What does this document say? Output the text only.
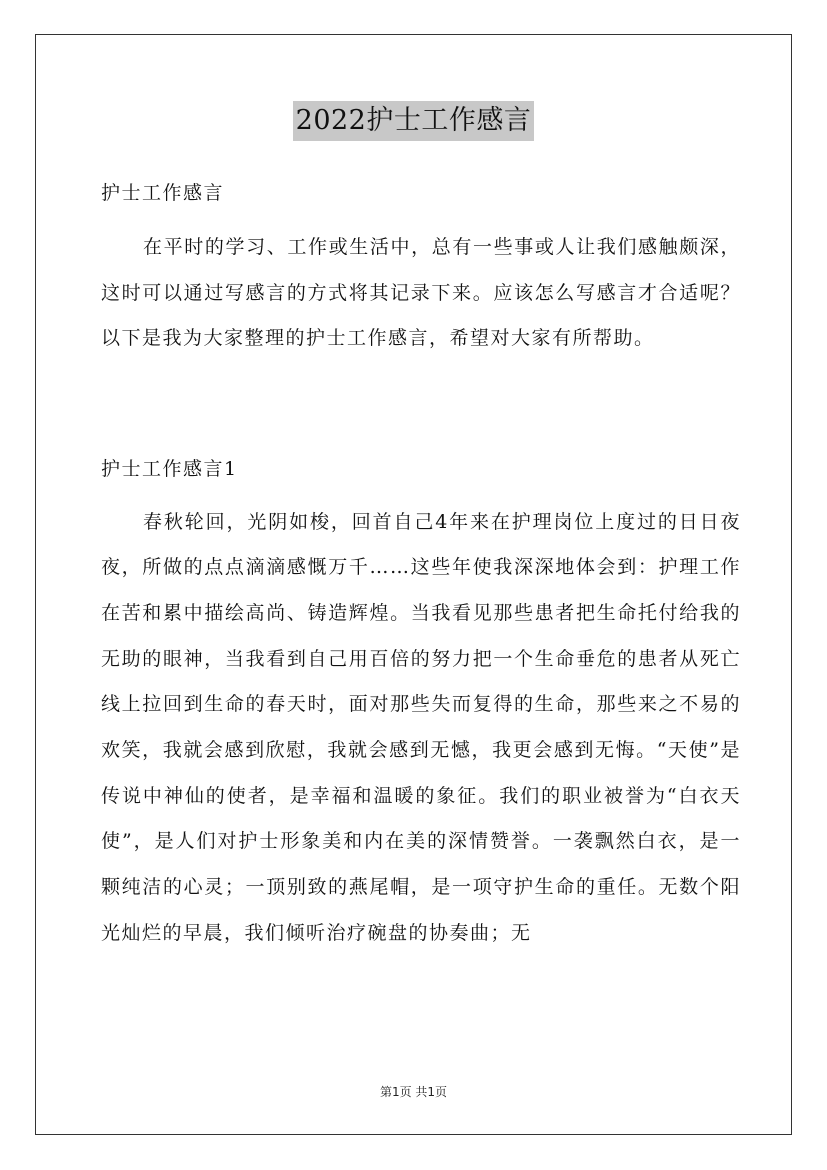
2022护士工作感言

护士工作感言

在平时的学习、工作或生活中，总有一些事或人让我们感触颇深，这时可以通过写感言的方式将其记录下来。应该怎么写感言才合适呢？以下是我为大家整理的护士工作感言，希望对大家有所帮助。

护士工作感言1

春秋轮回，光阴如梭，回首自己4年来在护理岗位上度过的日日夜夜，所做的点点滴滴感慨万千……这些年使我深深地体会到：护理工作在苦和累中描绘高尚、铸造辉煌。当我看见那些患者把生命托付给我的无助的眼神，当我看到自己用百倍的努力把一个生命垂危的患者从死亡线上拉回到生命的春天时，面对那些失而复得的生命，那些来之不易的欢笑，我就会感到欣慰，我就会感到无憾，我更会感到无悔。“天使”是传说中神仙的使者，是幸福和温暖的象征。我们的职业被誉为“白衣天使”，是人们对护士形象美和内在美的深情赞誉。一袭飘然白衣，是一颗纯洁的心灵；一顶别致的燕尾帽，是一项守护生命的重任。无数个阳光灿烂的早晨，我们倾听治疗碗盘的协奏曲；无

第1页 共1页
